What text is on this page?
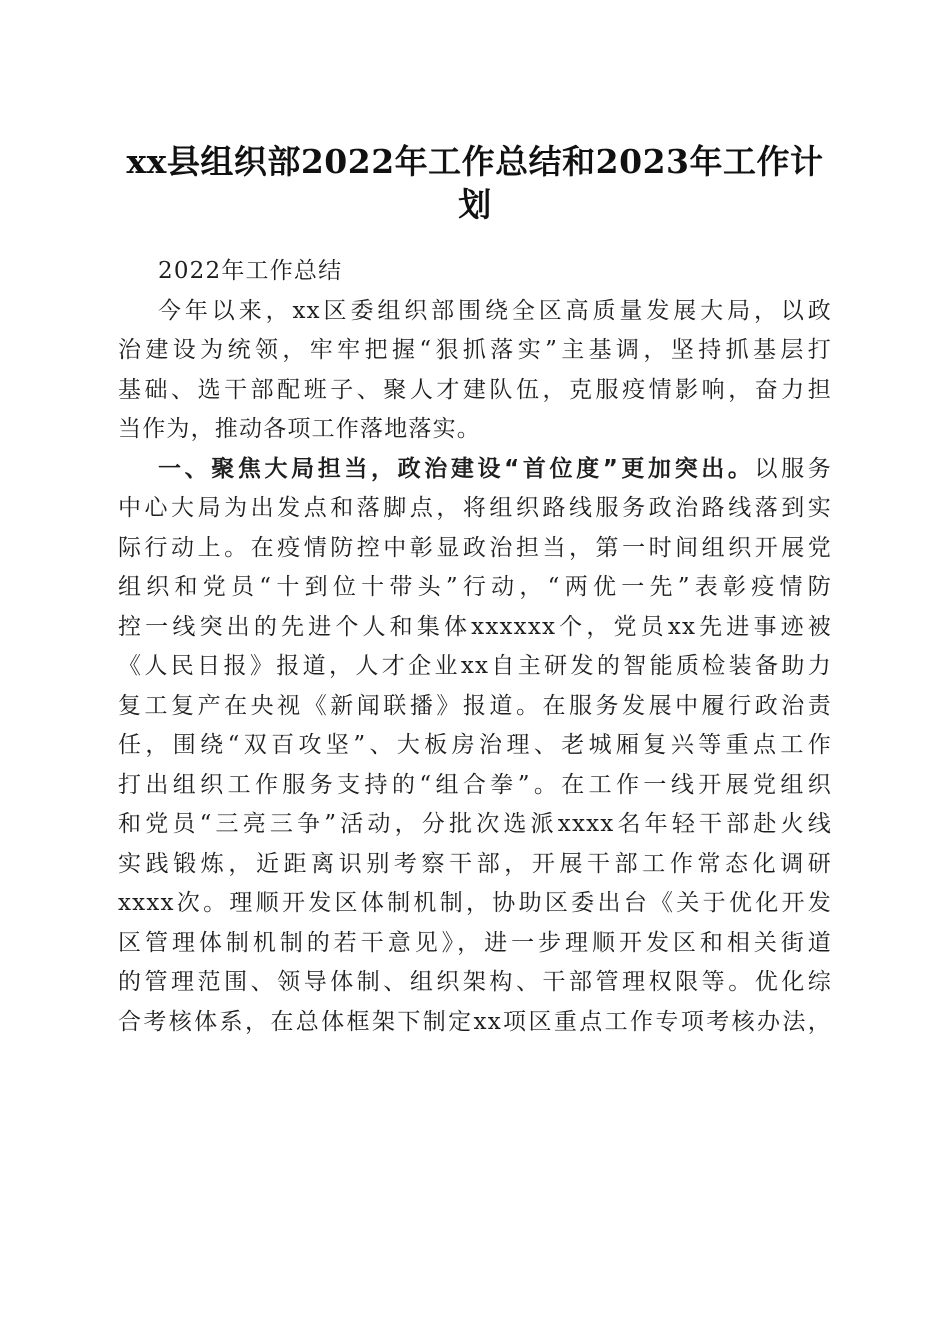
xx县组织部2022年工作总结和2023年工作计
划
2022年工作总结
今年以来，xx区委组织部围绕全区高质量发展大局，以政
治建设为统领，牢牢把握“狠抓落实”主基调，坚持抓基层打
基础、选干部配班子、聚人才建队伍，克服疫情影响，奋力担
当作为，推动各项工作落地落实。
一、聚焦大局担当，政治建设“首位度”更加突出。以服务
中心大局为出发点和落脚点，将组织路线服务政治路线落到实
际行动上。在疫情防控中彰显政治担当，第一时间组织开展党
组织和党员“十到位十带头”行动，“两优一先”表彰疫情防
控一线突出的先进个人和集体xxxxxx个，党员xx先进事迹被
《人民日报》报道，人才企业xx自主研发的智能质检装备助力
复工复产在央视《新闻联播》报道。在服务发展中履行政治责
任，围绕“双百攻坚”、大板房治理、老城厢复兴等重点工作
打出组织工作服务支持的“组合拳”。在工作一线开展党组织
和党员“三亮三争”活动，分批次选派xxxx名年轻干部赴火线
实践锻炼，近距离识别考察干部，开展干部工作常态化调研
xxxx次。理顺开发区体制机制，协助区委出台《关于优化开发
区管理体制机制的若干意见》，进一步理顺开发区和相关街道
的管理范围、领导体制、组织架构、干部管理权限等。优化综
合考核体系，在总体框架下制定xx项区重点工作专项考核办法，
